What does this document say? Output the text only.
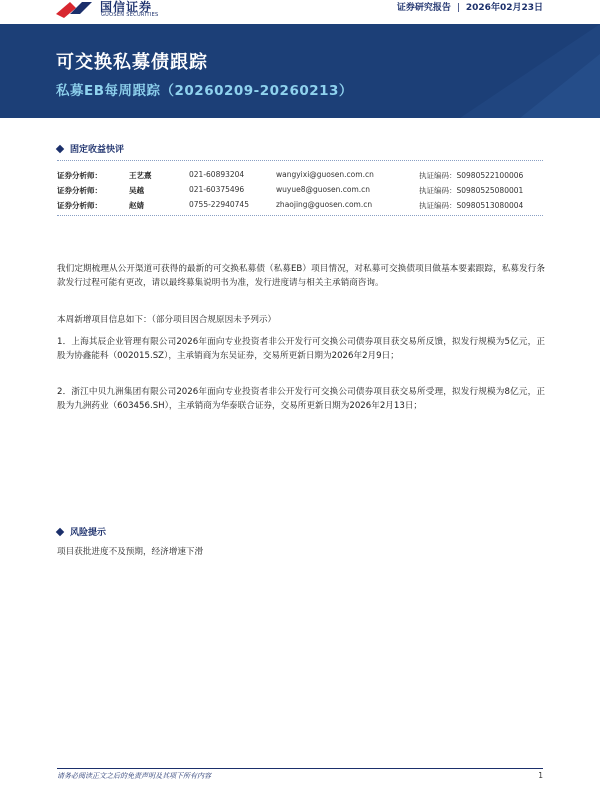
国信证券
GUOSEN SECURITIES
证券研究报告 | 2026年02月23日
可交换私募债跟踪
私募EB每周跟踪（20260209-20260213）
固定收益快评
证券分析师：	王艺熹	021-60893204	wangyixi@guosen.com.cn	执证编码：S0980522100006
证券分析师：	吴越	021-60375496	wuyue8@guosen.com.cn	执证编码：S0980525080001
证券分析师：	赵婧	0755-22940745	zhaojing@guosen.com.cn	执证编码：S0980513080004

我们定期梳理从公开渠道可获得的最新的可交换私募债（私募EB）项目情况，对私募可交换债项目做基本要素跟踪，私募发行条款发行过程可能有更改，请以最终募集说明书为准，发行进度请与相关主承销商咨询。

本周新增项目信息如下：（部分项目因合规原因未予列示）

1．上海其辰企业管理有限公司2026年面向专业投资者非公开发行可交换公司债券项目获交易所反馈，拟发行规模为5亿元，正股为协鑫能科（002015.SZ），主承销商为东吴证券，交易所更新日期为2026年2月9日；

2．浙江中贝九洲集团有限公司2026年面向专业投资者非公开发行可交换公司债券项目获交易所受理，拟发行规模为8亿元，正股为九洲药业（603456.SH），主承销商为华泰联合证券，交易所更新日期为2026年2月13日；

风险提示

项目获批进度不及预期，经济增速下滑

请务必阅读正文之后的免责声明及其项下所有内容	1
